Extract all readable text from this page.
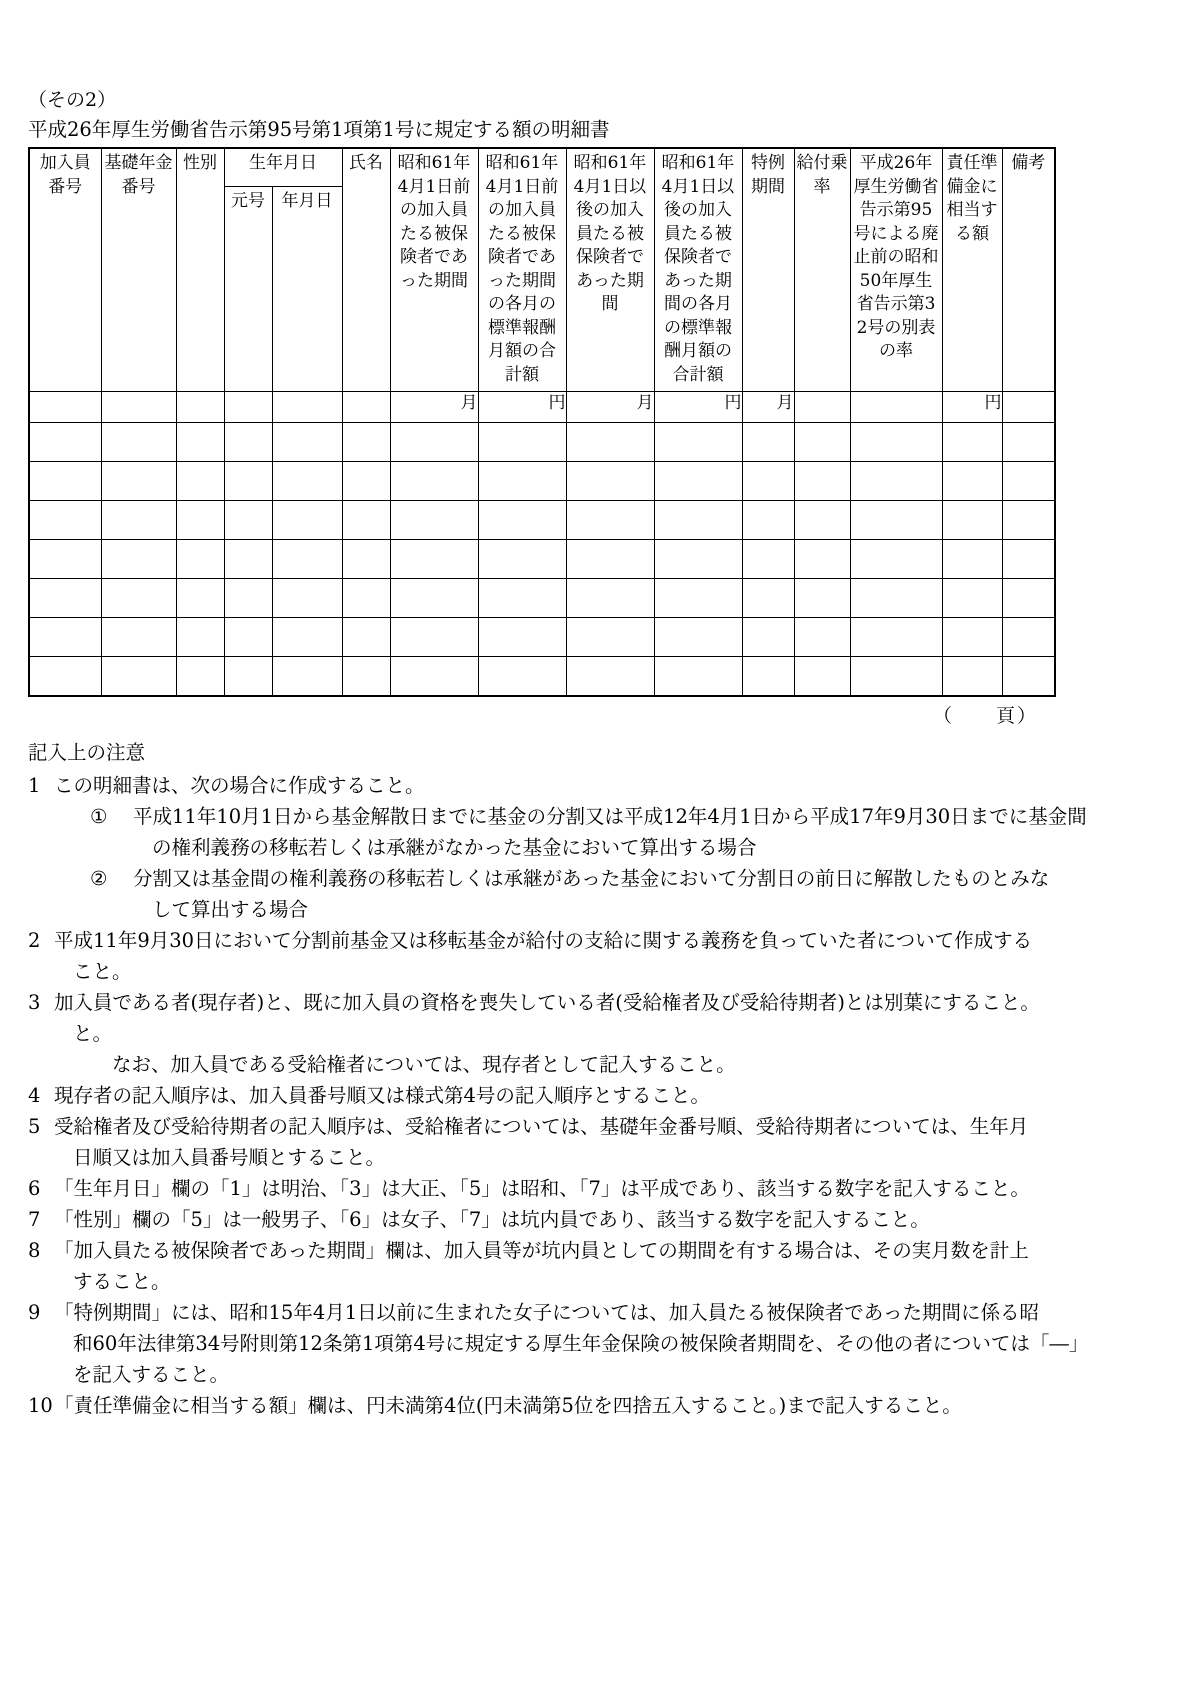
（その2）
平成26年厚生労働省告示第95号第1項第1号に規定する額の明細書
加入員番号	基礎年金番号	性別	生年月日		氏名	昭和61年4月1日前の加入員たる被保険者であった期間	昭和61年4月1日前の加入員たる被保険者であった期間の各月の標準報酬月額の合計額	昭和61年4月1日以後の加入員たる被保険者であった期間	昭和61年4月1日以後の加入員たる被保険者であった期間の各月の標準報酬月額の合計額	特例期間	給付乗率	平成26年厚生労働省告示第95号による廃止前の昭和50年厚生省告示第32号の別表の率	責任準備金に相当する額	備考
			元号	年月日										
						月	円	月	円	月			円	

（　　頁）
記入上の注意
1 この明細書は、次の場合に作成すること。
①	平成11年10月1日から基金解散日までに基金の分割又は平成12年4月1日から平成17年9月30日までに基金間
の権利義務の移転若しくは承継がなかった基金において算出する場合
②	分割又は基金間の権利義務の移転若しくは承継があった基金において分割日の前日に解散したものとみな
して算出する場合
2 平成11年9月30日において分割前基金又は移転基金が給付の支給に関する義務を負っていた者について作成する
こと。
3 加入員である者(現存者)と、既に加入員の資格を喪失している者(受給権者及び受給待期者)とは別葉にすること。
と。
なお、加入員である受給権者については、現存者として記入すること。
4 現存者の記入順序は、加入員番号順又は様式第4号の記入順序とすること。
5 受給権者及び受給待期者の記入順序は、受給権者については、基礎年金番号順、受給待期者については、生年月
日順又は加入員番号順とすること。
6 「生年月日」欄の「1」は明治、「3」は大正、「5」は昭和、「7」は平成であり、該当する数字を記入すること。
7 「性別」欄の「5」は一般男子、「6」は女子、「7」は坑内員であり、該当する数字を記入すること。
8 「加入員たる被保険者であった期間」欄は、加入員等が坑内員としての期間を有する場合は、その実月数を計上
すること。
9 「特例期間」には、昭和15年4月1日以前に生まれた女子については、加入員たる被保険者であった期間に係る昭
和60年法律第34号附則第12条第1項第4号に規定する厚生年金保険の被保険者期間を、その他の者については「―」
を記入すること。
10 「責任準備金に相当する額」欄は、円未満第4位(円未満第5位を四捨五入すること。)まで記入すること。
